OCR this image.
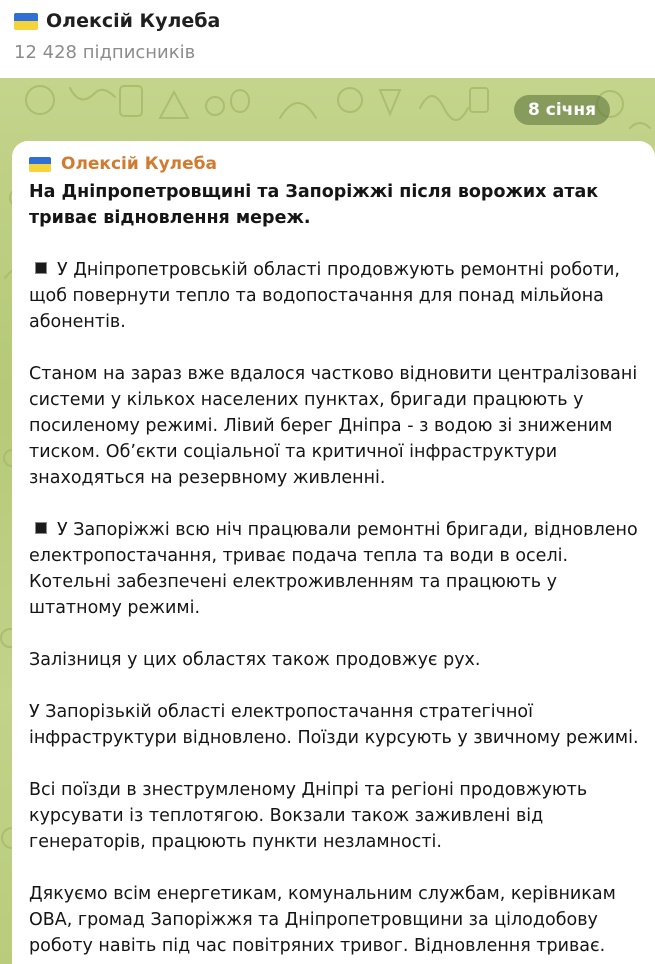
Олексій Кулеба
12 428 підписників
8 січня
Олексій Кулеба
На Дніпропетровщині та Запоріжжі після ворожих атак триває відновлення мереж.
У Дніпропетровській області продовжують ремонтні роботи, щоб повернути тепло та водопостачання для понад мільйона абонентів.
Станом на зараз вже вдалося частково відновити централізовані системи у кількох населених пунктах, бригади працюють у посиленому режимі. Лівий берег Дніпра - з водою зі зниженим тиском. Обʼєкти соціальної та критичної інфраструктури знаходяться на резервному живленні.
У Запоріжжі всю ніч працювали ремонтні бригади, відновлено електропостачання, триває подача тепла та води в оселі. Котельні забезпечені електроживленням та працюють у штатному режимі.
Залізниця у цих областях також продовжує рух.
У Запорізькій області електропостачання стратегічної інфраструктури відновлено. Поїзди курсують у звичному режимі.
Всі поїзди в знеструмленому Дніпрі та регіоні продовжують курсувати із теплотягою. Вокзали також заживлені від генераторів, працюють пункти незламності.
Дякуємо всім енергетикам, комунальним службам, керівникам ОВА, громад Запоріжжя та Дніпропетровщини за цілодобову роботу навіть під час повітряних тривог. Відновлення триває.
